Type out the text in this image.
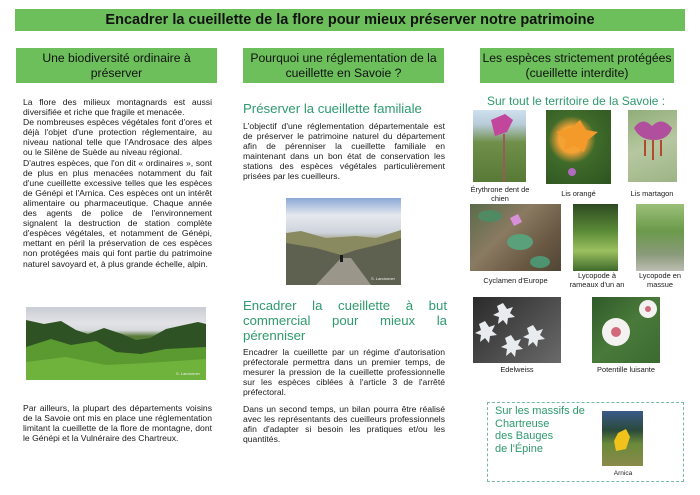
Encadrer la cueillette de la flore pour mieux préserver notre patrimoine
Une biodiversité ordinaire à préserver
Pourquoi une réglementation de la cueillette en Savoie ?
Les espèces strictement protégées (cueillette interdite)

La flore des milieux montagnards est aussi diversifiée et riche que fragile et menacée.

De nombreuses espèces végétales font d'ores et déjà l'objet d'une protection réglementaire, au niveau national telle que l'Androsace des alpes ou le Silène de Suède au niveau régional.

D'autres espèces, que l'on dit « ordinaires », sont de plus en plus menacées notamment du fait d'une cueillette excessive telles que les espèces de Génépi et l'Arnica. Ces espèces ont un intérêt alimentaire ou pharmaceutique. Chaque année des agents de police de l'environnement signalent la destruction de station complète d'espèces végétales, et notamment de Génépi, mettant en péril la préservation de ces espèces non protégées mais qui font partie du patrimoine naturel savoyard et, à plus grande échelle, alpin.

S. Landonner
Par ailleurs, la plupart des départements voisins de la Savoie ont mis en place une réglementation limitant la cueillette de la flore de montagne, dont le Génépi et la Vulnéraire des Chartreux.
Préserver la cueillette familiale
L'objectif d'une réglementation départementale est de préserver le patrimoine naturel du département afin de pérenniser la cueillette familiale en maintenant dans un bon état de conservation les stations des espèces végétales particulièrement prisées par les cueilleurs.
S. Landonner
Encadrer la cueillette à but commercial pour mieux la pérenniser
Encadrer la cueillette par un régime d'autorisation préfectorale permettra dans un premier temps, de mesurer la pression de la cueillette professionnelle sur les espèces ciblées à l'article 3 de l'arrêté préfectoral.
Dans un second temps, un bilan pourra être réalisé avec les représentants des cueilleurs professionnels afin d'adapter si besoin les pratiques et/ou les quantités.
Sur tout le territoire de la Savoie :
Érythrone dent de chien	Lis orangé	Lis martagon
Cyclamen d'Europe
Lycopode à rameaux d'un an
Lycopode en massue
Edelweiss	Potentille luisante
Sur les massifs de
Chartreuse
des Bauges
de l'Épine
Arnica
